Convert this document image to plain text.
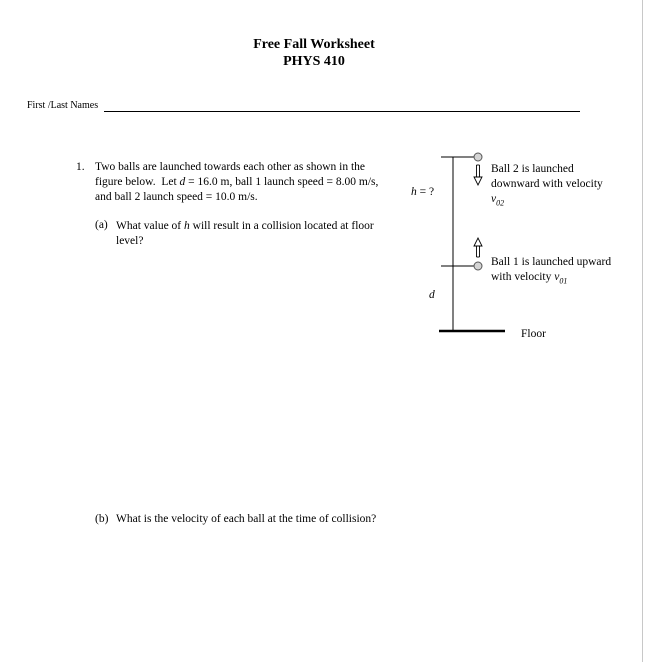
Free Fall Worksheet
PHYS 410
First /Last Names
1. Two balls are launched towards each other as shown in the figure below.  Let d = 16.0 m, ball 1 launch speed = 8.00 m/s, and ball 2 launch speed = 10.0 m/s.
(a) What value of h will result in a collision located at floor level?
(b) What is the velocity of each ball at the time of collision?
h = ?
d
Ball 2 is launched downward with velocity $v_{02}$
Ball 1 is launched upward with velocity $v_{01}$
Floor
